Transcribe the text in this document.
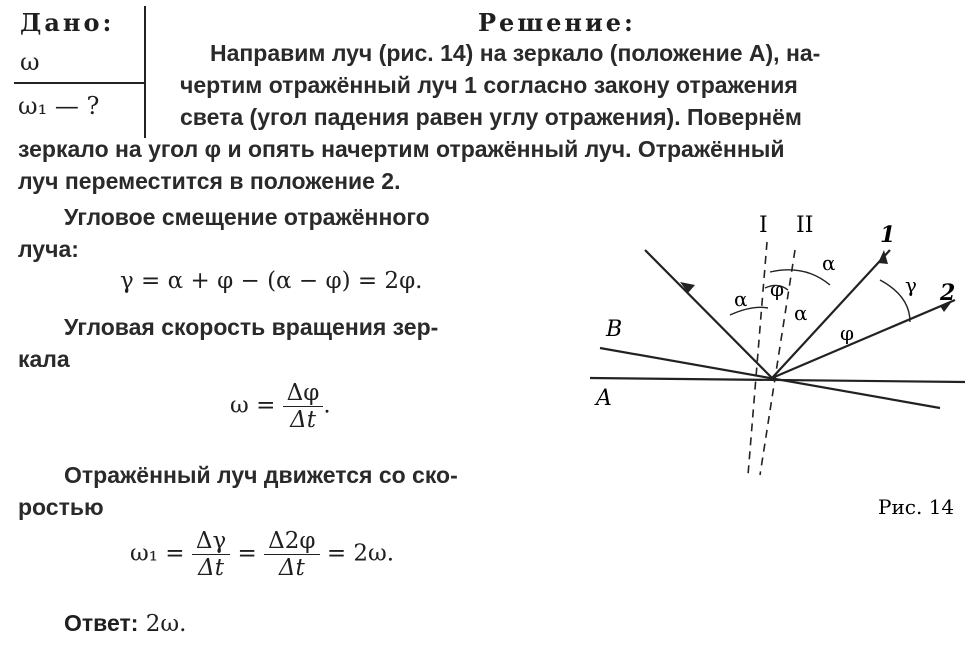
Дано:
ω
ω₁ — ?
Решение:
Направим луч (рис. 14) на зеркало (положение A), на-
чертим отражённый луч 1 согласно закону отражения
света (угол падения равен углу отражения). Повернём
зеркало на угол φ и опять начертим отражённый луч. Отражённый
луч переместится в положение 2.
Угловое смещение отражённого
луча:
γ = α + φ − (α − φ) = 2φ.
Угловая скорость вращения зер-
кала
$\omega = \frac{\Delta\varphi}{\Delta t}$ .
Отражённый луч движется со ско-
ростью
$\omega_1 = \frac{\Delta\gamma}{\Delta t} = \frac{\Delta 2\varphi}{\Delta t} = 2\omega$.
Ответ: 2ω.
I II	1
2
A
B
α
α
α
φ
φ
γ
Рис. 14
